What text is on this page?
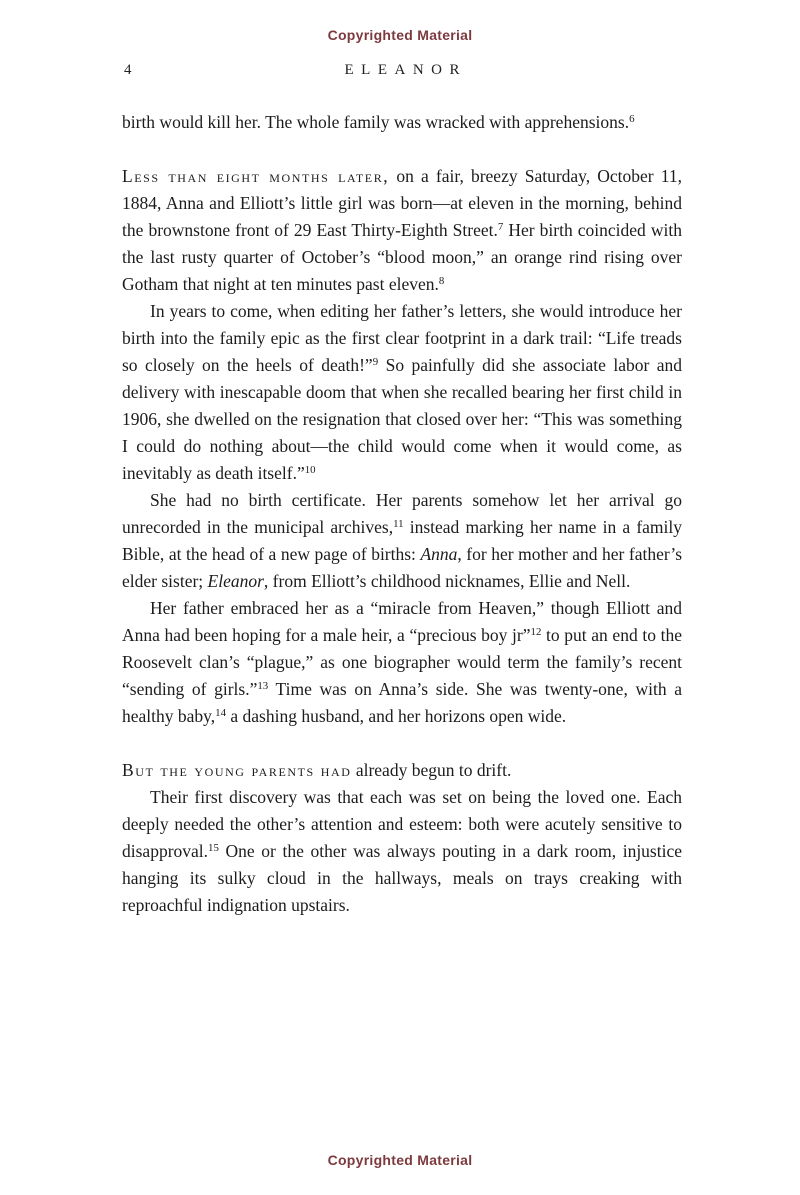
Copyrighted Material
4	ELEANOR

birth would kill her. The whole family was wracked with apprehensions.$^6$

Less than eight months later, on a fair, breezy Saturday, October 11, 1884, Anna and Elliott’s little girl was born—at eleven in the morning, behind the brownstone front of 29 East Thirty-Eighth Street.$^7$ Her birth coincided with the last rusty quarter of October’s “blood moon,” an orange rind rising over Gotham that night at ten minutes past eleven.$^8$

In years to come, when editing her father’s letters, she would introduce her birth into the family epic as the first clear footprint in a dark trail: “Life treads so closely on the heels of death!”$^9$ So painfully did she associate labor and delivery with inescapable doom that when she recalled bearing her first child in 1906, she dwelled on the resignation that closed over her: “This was something I could do nothing about—the child would come when it would come, as inevitably as death itself.”$^{10}$

She had no birth certificate. Her parents somehow let her arrival go unrecorded in the municipal archives,$^{11}$ instead marking her name in a family Bible, at the head of a new page of births: Anna, for her mother and her father’s elder sister; Eleanor, from Elliott’s childhood nicknames, Ellie and Nell.

Her father embraced her as a “miracle from Heaven,” though Elliott and Anna had been hoping for a male heir, a “precious boy jr”$^{12}$ to put an end to the Roosevelt clan’s “plague,” as one biographer would term the family’s recent “sending of girls.”$^{13}$ Time was on Anna’s side. She was twenty-one, with a healthy baby,$^{14}$ a dashing husband, and her horizons open wide.

But the young parents had already begun to drift.

Their first discovery was that each was set on being the loved one. Each deeply needed the other’s attention and esteem: both were acutely sensitive to disapproval.$^{15}$ One or the other was always pouting in a dark room, injustice hanging its sulky cloud in the hallways, meals on trays creaking with reproachful indignation upstairs.

Copyrighted Material
